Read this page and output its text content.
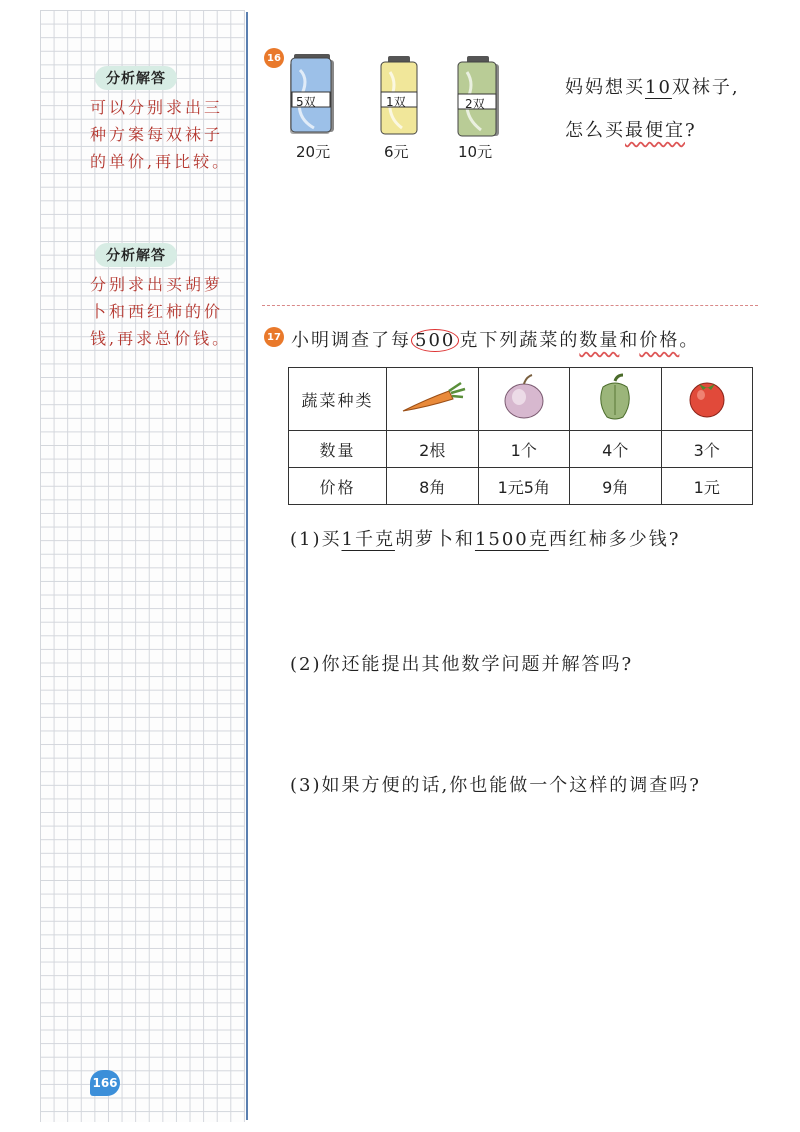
分析解答
可以分别求出三种方案每双袜子的单价,再比较。
分析解答
分别求出买胡萝卜和西红柿的价钱,再求总价钱。
166
16
5双
20元
1双
6元
2双
10元
妈妈想买10双袜子,
怎么买最便宜?
17 小明调查了每 500 克下列蔬菜的数量和价格。
蔬菜种类				
数量	2根	1个	4个	3个
价格	8角	1元5角	9角	1元
(1)买1千克胡萝卜和1500克西红柿多少钱?
(2)你还能提出其他数学问题并解答吗?
(3)如果方便的话,你也能做一个这样的调查吗?
